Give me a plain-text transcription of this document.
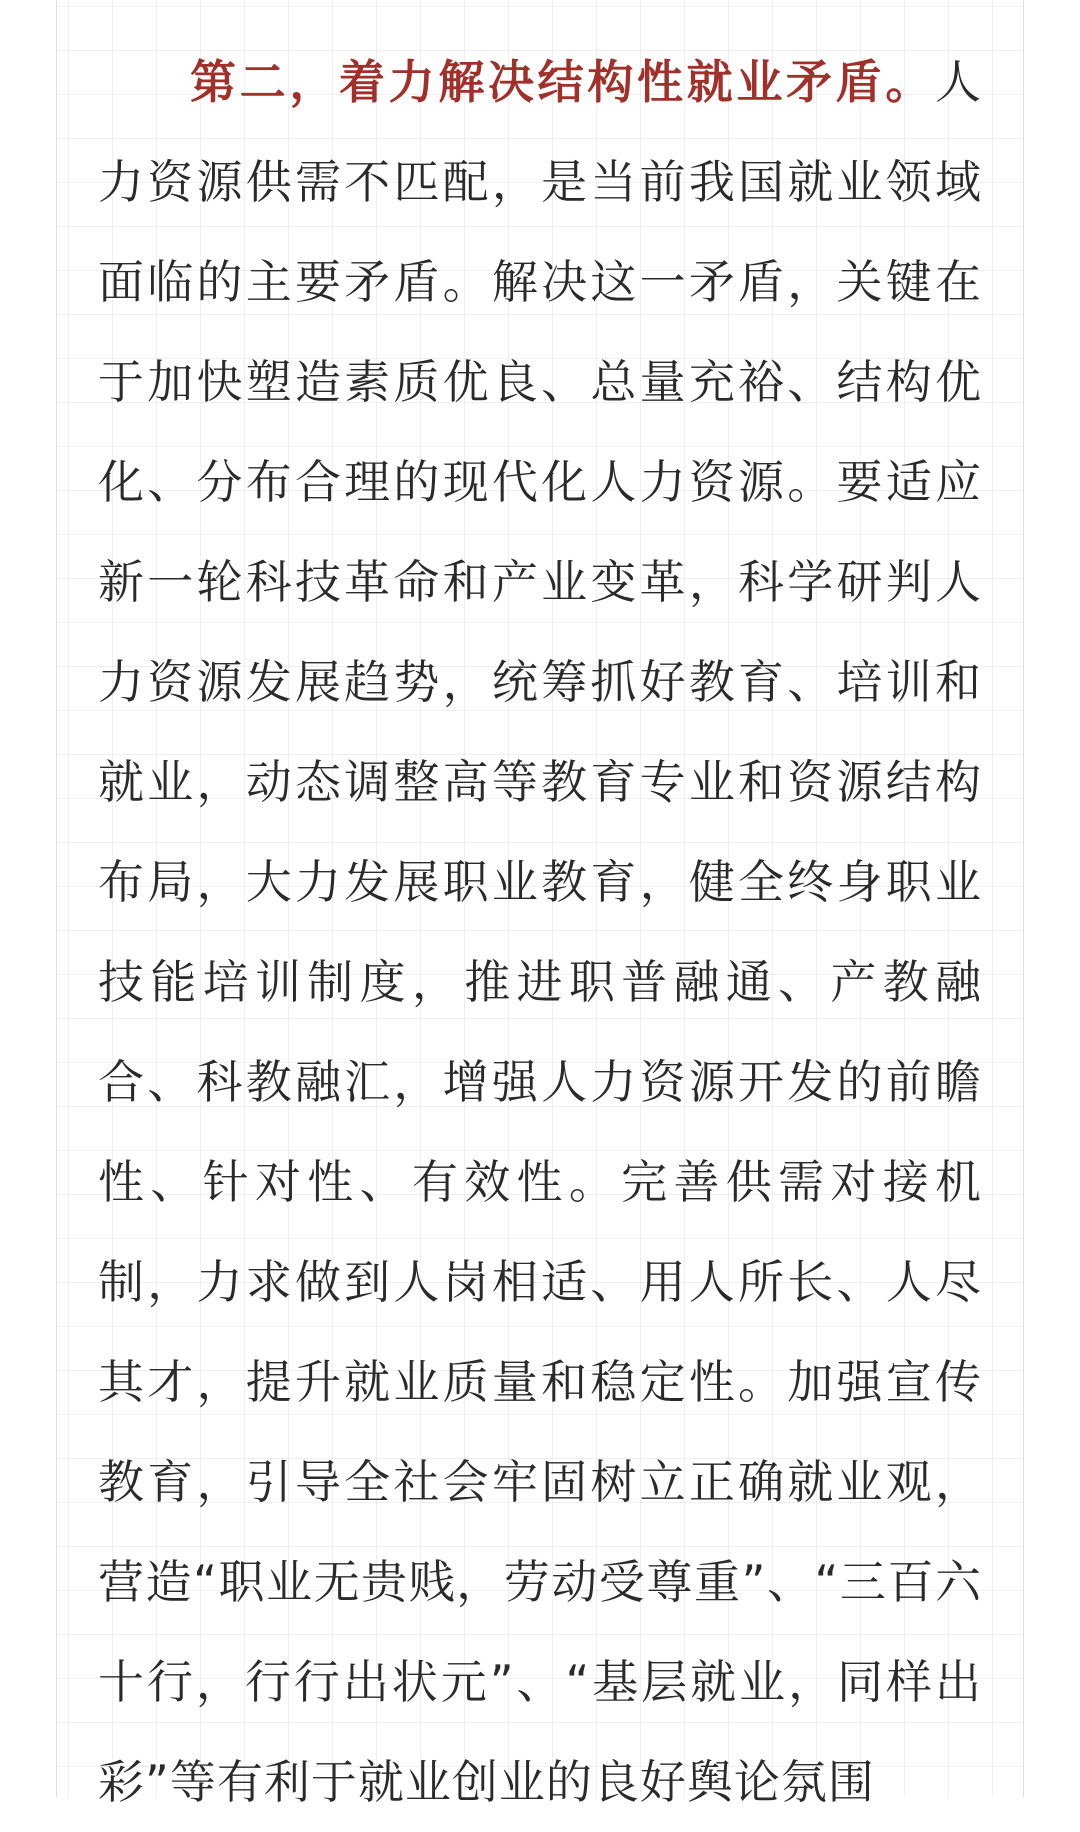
第二，着力解决结构性就业矛盾。人力资源供需不匹配，是当前我国就业领域面临的主要矛盾。解决这一矛盾，关键在于加快塑造素质优良、总量充裕、结构优化、分布合理的现代化人力资源。要适应新一轮科技革命和产业变革，科学研判人力资源发展趋势，统筹抓好教育、培训和就业，动态调整高等教育专业和资源结构布局，大力发展职业教育，健全终身职业技能培训制度，推进职普融通、产教融合、科教融汇，增强人力资源开发的前瞻性、针对性、有效性。完善供需对接机制，力求做到人岗相适、用人所长、人尽其才，提升就业质量和稳定性。加强宣传教育，引导全社会牢固树立正确就业观，营造“职业无贵贱，劳动受尊重”、“三百六十行，行行出状元”、“基层就业，同样出彩”等有利于就业创业的良好舆论氛围
